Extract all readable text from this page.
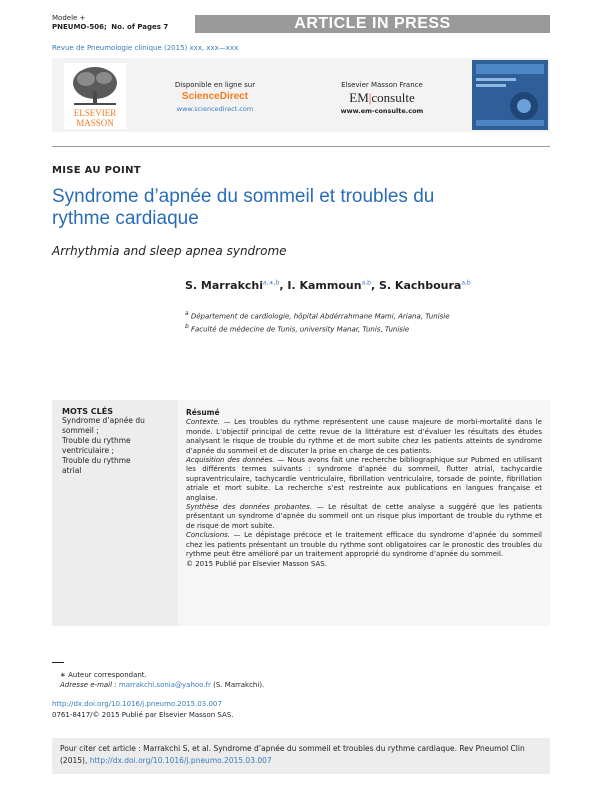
Modele +
PNEUMO-506; No. of Pages 7	ARTICLE IN PRESS
Revue de Pneumologie clinique (2015) xxx, xxx—xxx
ELSEVIER
MASSON
Disponible en ligne sur
ScienceDirect
www.sciencedirect.com
Elsevier Masson France
EM|consulte
www.em-consulte.com
MISE AU POINT
Syndrome d’apnée du sommeil et troubles du rythme cardiaque
Arrhythmia and sleep apnea syndrome
S. Marrakchi$^{a,∗,b}$, I. Kammoun$^{a,b}$, S. Kachboura$^{a,b}$
$^a$ Département de cardiologie, hôpital Abdérrahmane Mami, Ariana, Tunisie
$^b$ Faculté de médecine de Tunis, university Manar, Tunis, Tunisie
MOTS CLÉS
Syndrome d’apnée du
sommeil ;
Trouble du rythme
ventriculaire ;
Trouble du rythme
atrial
Résumé

Contexte. — Les troubles du rythme représentent une cause majeure de morbi-mortalité dans le monde. L’objectif principal de cette revue de la littérature est d’évaluer les résultats des études analysant le risque de trouble du rythme et de mort subite chez les patients atteints de syndrome d’apnée du sommeil et de discuter la prise en charge de ces patients.

Acquisition des données. — Nous avons fait une recherche bibliographique sur Pubmed en utilisant les différents termes suivants : syndrome d’apnée du sommeil, flutter atrial, tachycardie supraventriculaire, tachycardie ventriculaire, fibrillation ventriculaire, torsade de pointe, fibrillation atriale et mort subite. La recherche s’est restreinte aux publications en langues française et anglaise.

Synthèse des données probantes. — Le résultat de cette analyse a suggéré que les patients présentant un syndrome d’apnée du sommeil ont un risque plus important de trouble du rythme et de risque de mort subite.

Conclusions. — Le dépistage précoce et le traitement efficace du syndrome d’apnée du sommeil chez les patients présentant un trouble du rythme sont obligatoires car le pronostic des troubles du rythme peut être amélioré par un traitement approprié du syndrome d’apnée du sommeil.

© 2015 Publié par Elsevier Masson SAS.

∗ Auteur correspondant.
Adresse e-mail : marrakchi.sonia@yahoo.fr (S. Marrakchi).
http://dx.doi.org/10.1016/j.pneumo.2015.03.007
0761-8417/© 2015 Publié par Elsevier Masson SAS.
Pour citer cet article : Marrakchi S, et al. Syndrome d’apnée du sommeil et troubles du rythme cardiaque. Rev Pneumol Clin (2015), http://dx.doi.org/10.1016/j.pneumo.2015.03.007
